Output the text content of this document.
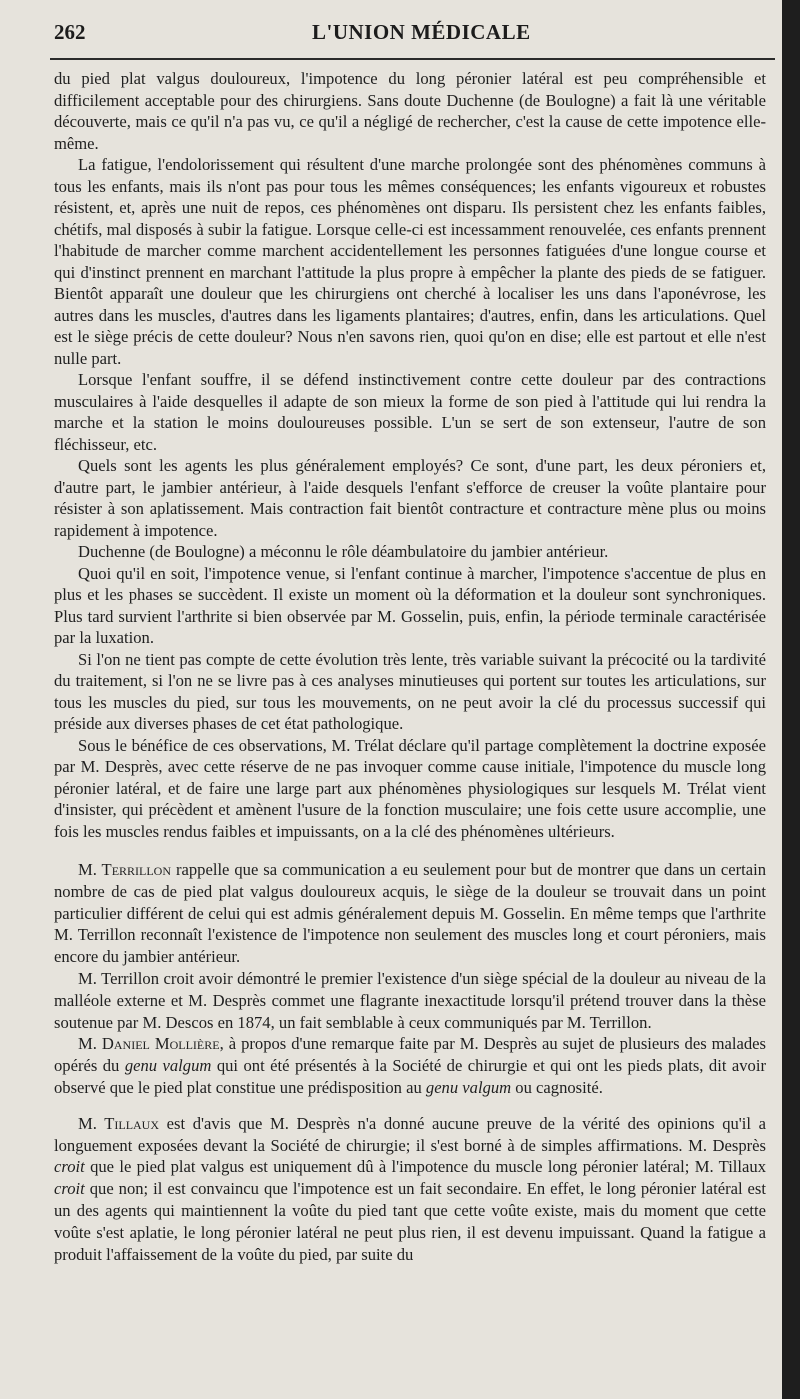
262	L'UNION MÉDICALE

du pied plat valgus douloureux, l'impotence du long péronier latéral est peu compréhensible et difficilement acceptable pour des chirurgiens. Sans doute Duchenne (de Boulogne) a fait là une véritable découverte, mais ce qu'il n'a pas vu, ce qu'il a négligé de rechercher, c'est la cause de cette impotence elle-même.

La fatigue, l'endolorissement qui résultent d'une marche prolongée sont des phénomènes communs à tous les enfants, mais ils n'ont pas pour tous les mêmes conséquences; les enfants vigoureux et robustes résistent, et, après une nuit de repos, ces phénomènes ont disparu. Ils persistent chez les enfants faibles, chétifs, mal disposés à subir la fatigue. Lorsque celle-ci est incessamment renouvelée, ces enfants prennent l'habitude de marcher comme marchent accidentellement les personnes fatiguées d'une longue course et qui d'instinct prennent en marchant l'attitude la plus propre à empêcher la plante des pieds de se fatiguer. Bientôt apparaît une douleur que les chirurgiens ont cherché à localiser les uns dans l'aponévrose, les autres dans les muscles, d'autres dans les ligaments plantaires; d'autres, enfin, dans les articulations. Quel est le siège précis de cette douleur? Nous n'en savons rien, quoi qu'on en dise; elle est partout et elle n'est nulle part.

Lorsque l'enfant souffre, il se défend instinctivement contre cette douleur par des contractions musculaires à l'aide desquelles il adapte de son mieux la forme de son pied à l'attitude qui lui rendra la marche et la station le moins douloureuses possible. L'un se sert de son extenseur, l'autre de son fléchisseur, etc.

Quels sont les agents les plus généralement employés? Ce sont, d'une part, les deux péroniers et, d'autre part, le jambier antérieur, à l'aide desquels l'enfant s'efforce de creuser la voûte plantaire pour résister à son aplatissement. Mais contraction fait bientôt contracture et contracture mène plus ou moins rapidement à impotence.

Duchenne (de Boulogne) a méconnu le rôle déambulatoire du jambier antérieur.

Quoi qu'il en soit, l'impotence venue, si l'enfant continue à marcher, l'impotence s'accentue de plus en plus et les phases se succèdent. Il existe un moment où la déformation et la douleur sont synchroniques. Plus tard survient l'arthrite si bien observée par M. Gosselin, puis, enfin, la période terminale caractérisée par la luxation.

Si l'on ne tient pas compte de cette évolution très lente, très variable suivant la précocité ou la tardivité du traitement, si l'on ne se livre pas à ces analyses minutieuses qui portent sur toutes les articulations, sur tous les muscles du pied, sur tous les mouvements, on ne peut avoir la clé du processus successif qui préside aux diverses phases de cet état pathologique.

Sous le bénéfice de ces observations, M. Trélat déclare qu'il partage complètement la doctrine exposée par M. Desprès, avec cette réserve de ne pas invoquer comme cause initiale, l'impotence du muscle long péronier latéral, et de faire une large part aux phénomènes physiologiques sur lesquels M. Trélat vient d'insister, qui précèdent et amènent l'usure de la fonction musculaire; une fois cette usure accomplie, une fois les muscles rendus faibles et impuissants, on a la clé des phénomènes ultérieurs.

M. Terrillon rappelle que sa communication a eu seulement pour but de montrer que dans un certain nombre de cas de pied plat valgus douloureux acquis, le siège de la douleur se trouvait dans un point particulier différent de celui qui est admis généralement depuis M. Gosselin. En même temps que l'arthrite M. Terrillon reconnaît l'existence de l'impotence non seulement des muscles long et court péroniers, mais encore du jambier antérieur.

M. Terrillon croit avoir démontré le premier l'existence d'un siège spécial de la douleur au niveau de la malléole externe et M. Desprès commet une flagrante inexactitude lorsqu'il prétend trouver dans la thèse soutenue par M. Descos en 1874, un fait semblable à ceux communiqués par M. Terrillon.

M. Daniel Mollière, à propos d'une remarque faite par M. Desprès au sujet de plusieurs des malades opérés du genu valgum qui ont été présentés à la Société de chirurgie et qui ont les pieds plats, dit avoir observé que le pied plat constitue une prédisposition au genu valgum ou cagnosité.

M. Tillaux est d'avis que M. Desprès n'a donné aucune preuve de la vérité des opinions qu'il a longuement exposées devant la Société de chirurgie; il s'est borné à de simples affirmations. M. Desprès croit que le pied plat valgus est uniquement dû à l'impotence du muscle long péronier latéral; M. Tillaux croit que non; il est convaincu que l'impotence est un fait secondaire. En effet, le long péronier latéral est un des agents qui maintiennent la voûte du pied tant que cette voûte existe, mais du moment que cette voûte s'est aplatie, le long péronier latéral ne peut plus rien, il est devenu impuissant. Quand la fatigue a produit l'affaissement de la voûte du pied, par suite du
